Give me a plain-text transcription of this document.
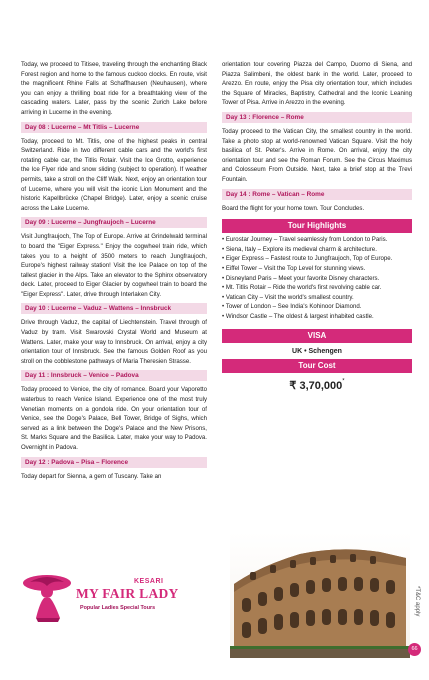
Today, we proceed to Titisee, traveling through the enchanting Black Forest region and home to the famous cuckoo clocks. En route, visit the magnificent Rhine Falls at Schaffhausen (Neuhausen), where you can enjoy a thrilling boat ride for a breathtaking view of the cascading waters. Later, pass by the scenic Zurich Lake before arriving in Lucerne in the evening.

Day 08 : Lucerne – Mt Titlis – Lucerne

Today, proceed to Mt. Titlis, one of the highest peaks in central Switzerland. Ride in two different cable cars and the world's first rotating cable car, the Titlis Rotair. Visit the Ice Grotto, experience the Ice Flyer ride and snow sliding (subject to operation). If weather permits, take a stroll on the Cliff Walk. Next, enjoy an orientation tour of Lucerne, where you will visit the iconic Lion Monument and the historic Kapellbrücke (Chapel Bridge). Later, enjoy a scenic cruise across the Lake Lucerne.

Day 09 : Lucerne – Jungfraujoch – Lucerne

Visit Jungfraujoch, The Top of Europe. Arrive at Grindelwald terminal to board the "Eiger Express." Enjoy the cogwheel train ride, which takes you to a height of 3500 meters to reach Jungfraujoch, Europe's highest railway station! Visit the Ice Palace on top of the tallest glacier in the Alps. Take an elevator to the Sphinx observatory deck. Later, proceed to Eiger Glacier by cogwheel train to board the "Eiger Express". Later, drive through Interlaken City.

Day 10 : Lucerne – Vaduz – Wattens – Innsbruck

Drive through Vaduz, the capital of Liechtenstein. Travel through of Vaduz by tram. Visit Swarovski Crystal World and Museum at Wattens. Later, make your way to Innsbruck. On arrival, enjoy a city orientation tour of Innsbruck. See the famous Golden Roof as you stroll on the cobblestone pathways of Maria Theresien Strasse.

Day 11 : Innsbruck – Venice – Padova

Today proceed to Venice, the city of romance. Board your Vaporetto waterbus to reach Venice Island. Experience one of the most truly Venetian moments on a gondola ride. On your orientation tour of Venice, see the Doge's Palace, Bell Tower, Bridge of Sighs, which served as a link between the Doge's Palace and the New Prisons, St. Marks Square and the Basilica. Later, make your way to Padova. Overnight in Padova.

Day 12 : Padova – Pisa – Florence

Today depart for Sienna, a gem of Tuscany. Take an

KESARI
MY FAIR LADY
Popular Ladies Special Tours

orientation tour covering Piazza del Campo, Duomo di Siena, and Piazza Salimbeni, the oldest bank in the world. Later, proceed to Arezzo. En route, enjoy the Pisa city orientation tour, which includes the Square of Miracles, Baptistry, Cathedral and the Iconic Leaning Tower of Pisa. Arrive in Arezzo in the evening.

Day 13 : Florence – Rome

Today proceed to the Vatican City, the smallest country in the world. Take a photo stop at world-renowned Vatican Square. Visit the holy basilica of St. Peter's. Arrive in Rome. On arrival, enjoy the city orientation tour and see the Roman Forum. See the Circus Maximus and Colosseum From Outside. Next, take a brief stop at the Trevi Fountain.

Day 14 : Rome – Vatican – Rome

Board the flight for your home town. Tour Concludes.

Tour Highlights
• Eurostar Journey – Travel seamlessly from London to Paris.
• Siena, Italy – Explore its medieval charm & architecture.
• Eiger Express – Fastest route to Jungfraujoch, Top of Europe.
• Eiffel Tower – Visit the Top Level for stunning views.
• Disneyland Paris – Meet your favorite Disney characters.
• Mt. Titlis Rotair – Ride the world's first revolving cable car.
• Vatican City – Visit the world's smallest country.
• Tower of London – See India's Kohinoor Diamond.
• Windsor Castle – The oldest & largest inhabited castle.
VISA
UK • Schengen
Tour Cost
₹ 3,70,000*
*T&C apply
66
